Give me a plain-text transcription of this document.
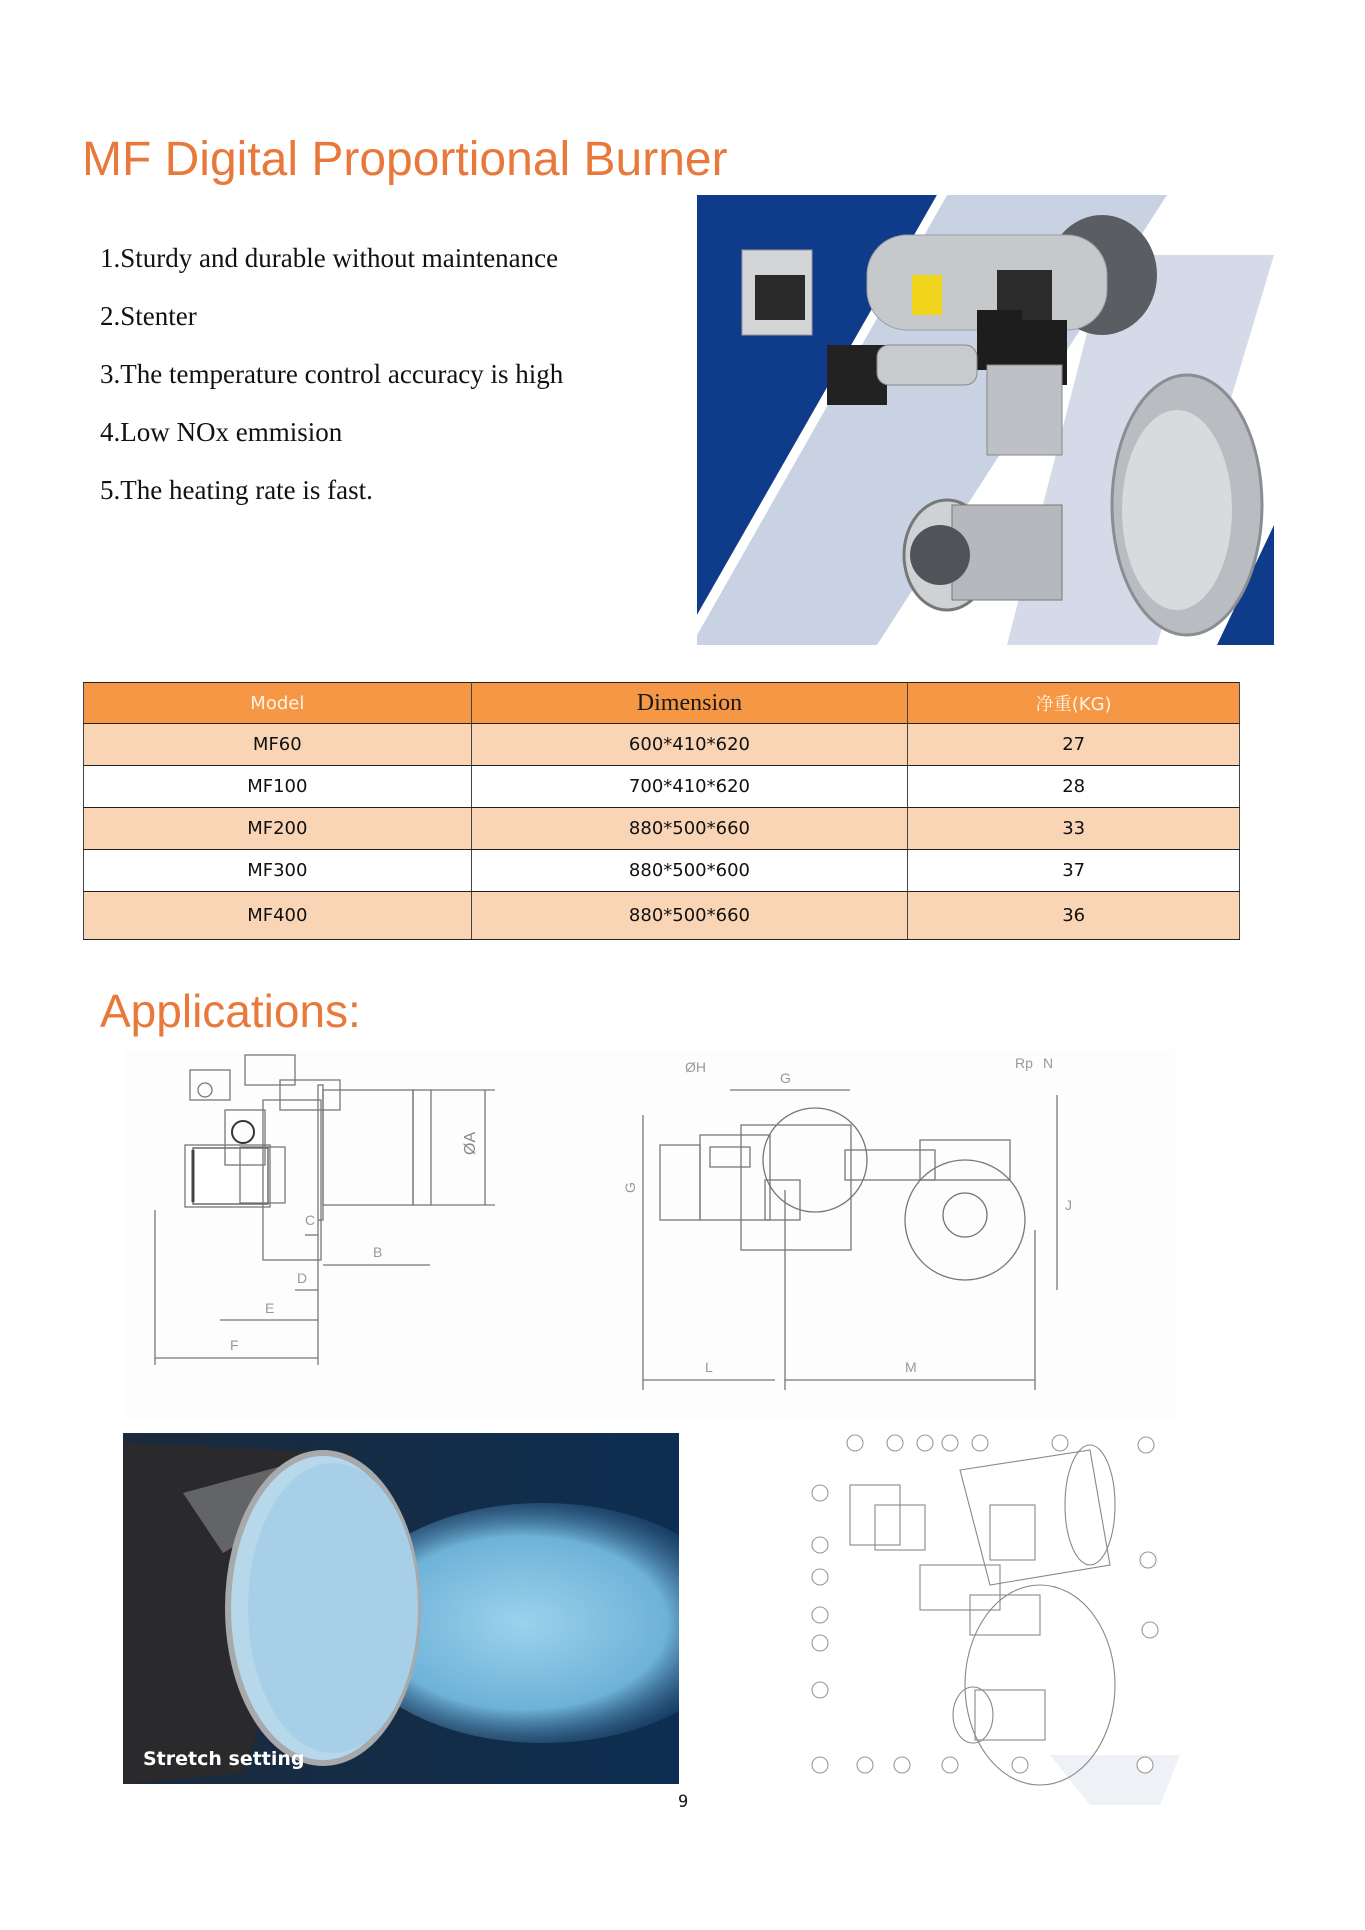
MF Digital Proportional Burner
1.Sturdy and durable without maintenance
2.Stenter
3.The temperature control accuracy is high
4.Low NOx emmision
5.The heating rate is fast.
Model	Dimension	净重(KG)
MF60	600*410*620	27
MF100	700*410*620	28
MF200	880*500*660	33
MF300	880*500*600	37
MF400	880*500*660	36
Applications:
ØA
C
B
D
E
F
ØH
G
G
Rp N
J
L	M
Stretch setting
9
